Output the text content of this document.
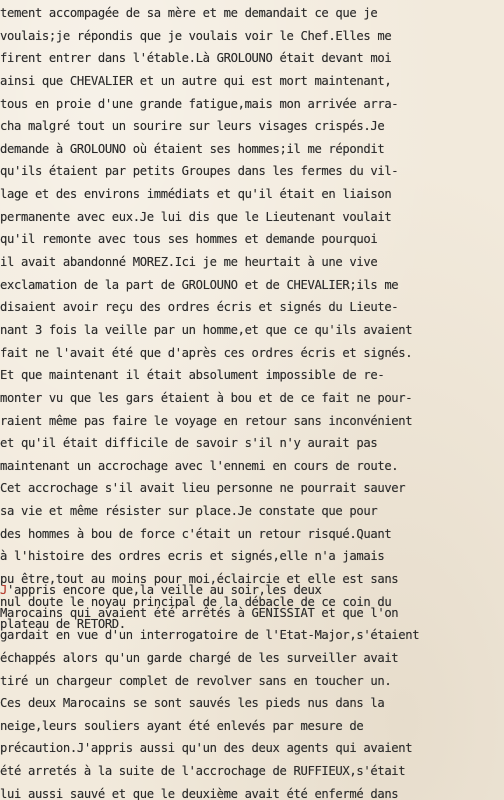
tement accompagée de sa mère et me demandait ce que je
voulais;je répondis que je voulais voir le Chef.Elles me
firent entrer dans l'étable.Là GROLOUNO était devant moi
ainsi que CHEVALIER et un autre qui est mort maintenant,
tous en proie d'une grande fatigue,mais mon arrivée arra-
cha malgré tout un sourire sur leurs visages crispés.Je
demande à GROLOUNO où étaient ses hommes;il me répondit
qu'ils étaient par petits Groupes dans les fermes du vil-
lage et des environs immédiats et qu'il était en liaison
permanente avec eux.Je lui dis que le Lieutenant voulait
qu'il remonte avec tous ses hommes et demande pourquoi
il avait abandonné MOREZ.Ici je me heurtait à une vive
exclamation de la part de GROLOUNO et de CHEVALIER;ils me
disaient avoir reçu des ordres écris et signés du Lieute-
nant 3 fois la veille par un homme,et que ce qu'ils avaient
fait ne l'avait été que d'après ces ordres écris et signés.
Et que maintenant il était absolument impossible de re-
monter vu que les gars étaient à bou et de ce fait ne pour-
raient même pas faire le voyage en retour sans inconvénient
et qu'il était difficile de savoir s'il n'y aurait pas
maintenant un accrochage avec l'ennemi en cours de route.
Cet accrochage s'il avait lieu personne ne pourrait sauver
sa vie et même résister sur place.Je constate que pour
des hommes à bou de force c'était un retour risqué.Quant
à l'histoire des ordres ecris et signés,elle n'a jamais
pu être,tout au moins pour moi,éclaircie et elle est sans
nul doute le noyau principal de la débacle de ce coin du
plateau de RETORD.
J'appris encore que,la veille au soir,les deux
Marocains qui avaient été arrêtés à GENISSIAT et que l'on
gardait en vue d'un interrogatoire de l'Etat-Major,s'étaient
échappés alors qu'un garde chargé de les surveiller avait
tiré un chargeur complet de revolver sans en toucher un.
Ces deux Marocains se sont sauvés les pieds nus dans la
neige,leurs souliers ayant été enlevés par mesure de
précaution.J'appris aussi qu'un des deux agents qui avaient
été arretés à la suite de l'accrochage de RUFFIEUX,s'était
lui aussi sauvé et que le deuxième avait été enfermé dans
